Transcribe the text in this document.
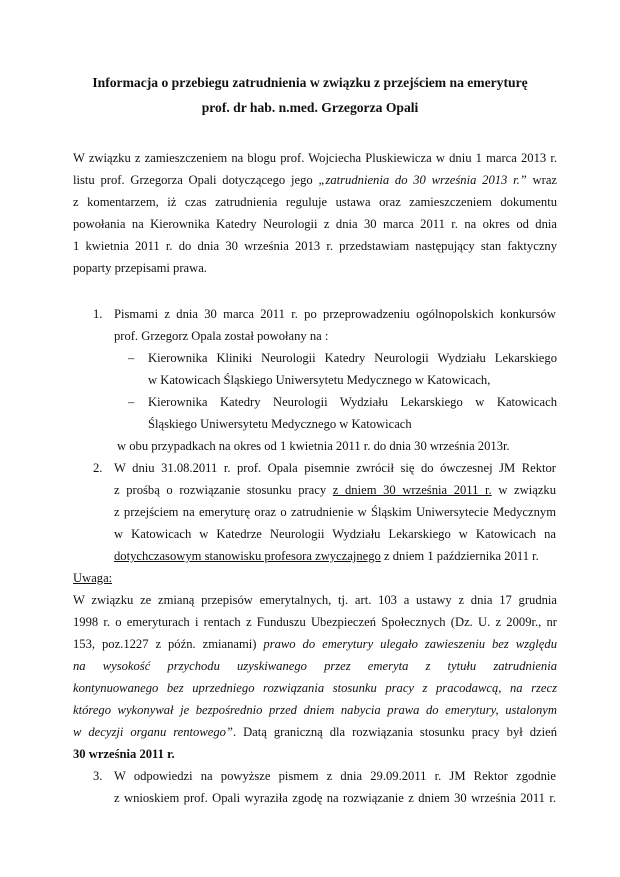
Informacja o przebiegu zatrudnienia w związku z przejściem na emeryturę
prof. dr hab. n.med. Grzegorza Opali
W związku z zamieszczeniem na blogu prof. Wojciecha Pluskiewicza w dniu 1 marca 2013 r.
listu prof. Grzegorza Opali dotyczącego jego „zatrudnienia do 30 września 2013 r.” wraz
z komentarzem, iż czas zatrudnienia reguluje ustawa oraz zamieszczeniem dokumentu
powołania na Kierownika Katedry Neurologii z dnia 30 marca 2011 r. na okres od dnia
1 kwietnia 2011 r. do dnia 30 września 2013 r. przedstawiam następujący stan faktyczny
poparty przepisami prawa.
1. Pismami z dnia 30 marca 2011 r. po przeprowadzeniu ogólnopolskich konkursów
prof. Grzegorz Opala został powołany na :
– Kierownika Kliniki Neurologii Katedry Neurologii Wydziału Lekarskiego
w Katowicach Śląskiego Uniwersytetu Medycznego w Katowicach,
– Kierownika Katedry Neurologii Wydziału Lekarskiego w Katowicach
Śląskiego Uniwersytetu Medycznego w Katowicach
w obu przypadkach na okres od 1 kwietnia 2011 r. do dnia 30 września 2013r.
2. W dniu 31.08.2011 r. prof. Opala pisemnie zwrócił się do ówczesnej JM Rektor
z prośbą o rozwiązanie stosunku pracy z dniem 30 września 2011 r. w związku
z przejściem na emeryturę oraz o zatrudnienie w Śląskim Uniwersytecie Medycznym
w Katowicach w Katedrze Neurologii Wydziału Lekarskiego w Katowicach na
dotychczasowym stanowisku profesora zwyczajnego z dniem 1 października 2011 r.
Uwaga:
W związku ze zmianą przepisów emerytalnych, tj. art. 103 a ustawy z dnia 17 grudnia
1998 r. o emeryturach i rentach z Funduszu Ubezpieczeń Społecznych (Dz. U. z 2009r., nr
153, poz.1227 z późn. zmianami) prawo do emerytury ulegało zawieszeniu bez względu
na wysokość przychodu uzyskiwanego przez emeryta z tytułu zatrudnienia
kontynuowanego bez uprzedniego rozwiązania stosunku pracy z pracodawcą, na rzecz
którego wykonywał je bezpośrednio przed dniem nabycia prawa do emerytury, ustalonym
w decyzji organu rentowego”. Datą graniczną dla rozwiązania stosunku pracy był dzień
30 września 2011 r.
3. W odpowiedzi na powyższe pismem z dnia 29.09.2011 r. JM Rektor zgodnie
z wnioskiem prof. Opali wyraziła zgodę na rozwiązanie z dniem 30 września 2011 r.
